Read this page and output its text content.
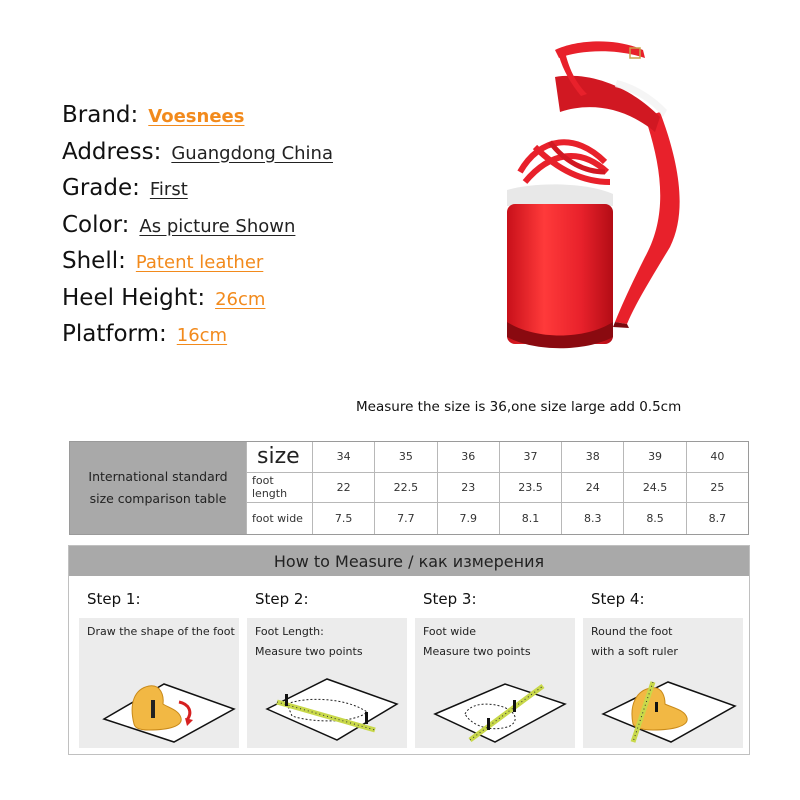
Brand: Voesnees
Address: Guangdong China
Grade: First
Color: As picture Shown
Shell: Patent leather
Heel Height: 26cm
Platform: 16cm
Measure the size is 36,one size large add 0.5cm
International standard
size comparison table
size	34	35	36	37	38	39	40
foot length	22	22.5	23	23.5	24	24.5	25
foot wide	7.5	7.7	7.9	8.1	8.3	8.5	8.7
How to Measure / как измерения
Step 1:
Draw the shape of the foot
Step 2:
Foot Length:
Measure two points
Step 3:
Foot wide
Measure two points
Step 4:
Round the foot
with a soft ruler
